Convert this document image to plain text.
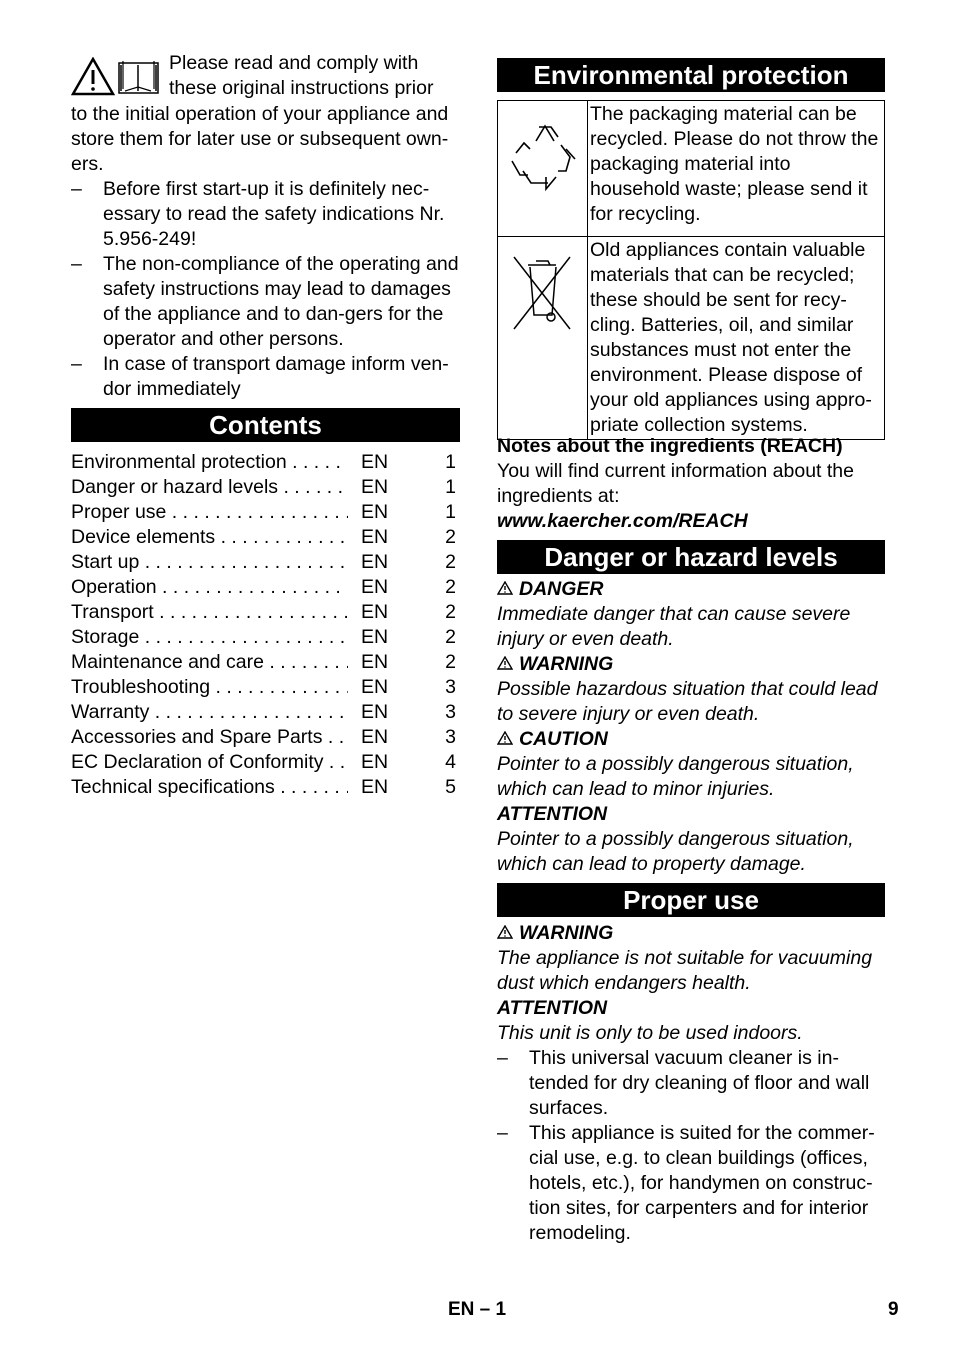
Please read and comply with

these original instructions prior

to the initial operation of your appliance and store them for later use or subsequent own-ers.

– Before first start-up it is definitely nec-essary to read the safety indications Nr. 5.956-249!
– The non-compliance of the operating and safety instructions may lead to damages of the appliance and to dan-gers for the operator and other persons.
– In case of transport damage inform ven-dor immediately
Contents
Environmental protection . . .	EN	1
Danger or hazard levels . . .	EN	1
Proper use . . .	EN	1
Device elements . . .	EN	2
Start up . . .	EN	2
Operation . . .	EN	2
Transport . . .	EN	2
Storage . . .	EN	2
Maintenance and care . . .	EN	2
Troubleshooting . . .	EN	3
Warranty . . .	EN	3
Accessories and Spare Parts . . .	EN	3
EC Declaration of Conformity . . .	EN	4
Technical specifications . . .	EN	5
Environmental protection
	The packaging material can be recycled. Please do not throw the packaging material into household waste; please send it for recycling.
	Old appliances contain valuable materials that can be recycled; these should be sent for recy-cling. Batteries, oil, and similar substances must not enter the environment. Please dispose of your old appliances using appro-priate collection systems.

Notes about the ingredients (REACH)

You will find current information about the ingredients at:

www.kaercher.com/REACH

Danger or hazard levels

DANGER

Immediate danger that can cause severe injury or even death.

WARNING

Possible hazardous situation that could lead to severe injury or even death.

CAUTION

Pointer to a possibly dangerous situation, which can lead to minor injuries.

ATTENTION

Pointer to a possibly dangerous situation, which can lead to property damage.

Proper use

WARNING

The appliance is not suitable for vacuuming dust which endangers health.

ATTENTION

This unit is only to be used indoors.

– This universal vacuum cleaner is in-tended for dry cleaning of floor and wall surfaces.
– This appliance is suited for the commer-cial use, e.g. to clean buildings (offices, hotels, etc.), for handymen on construc-tion sites, for carpenters and for interior remodeling.
EN – 1	9
